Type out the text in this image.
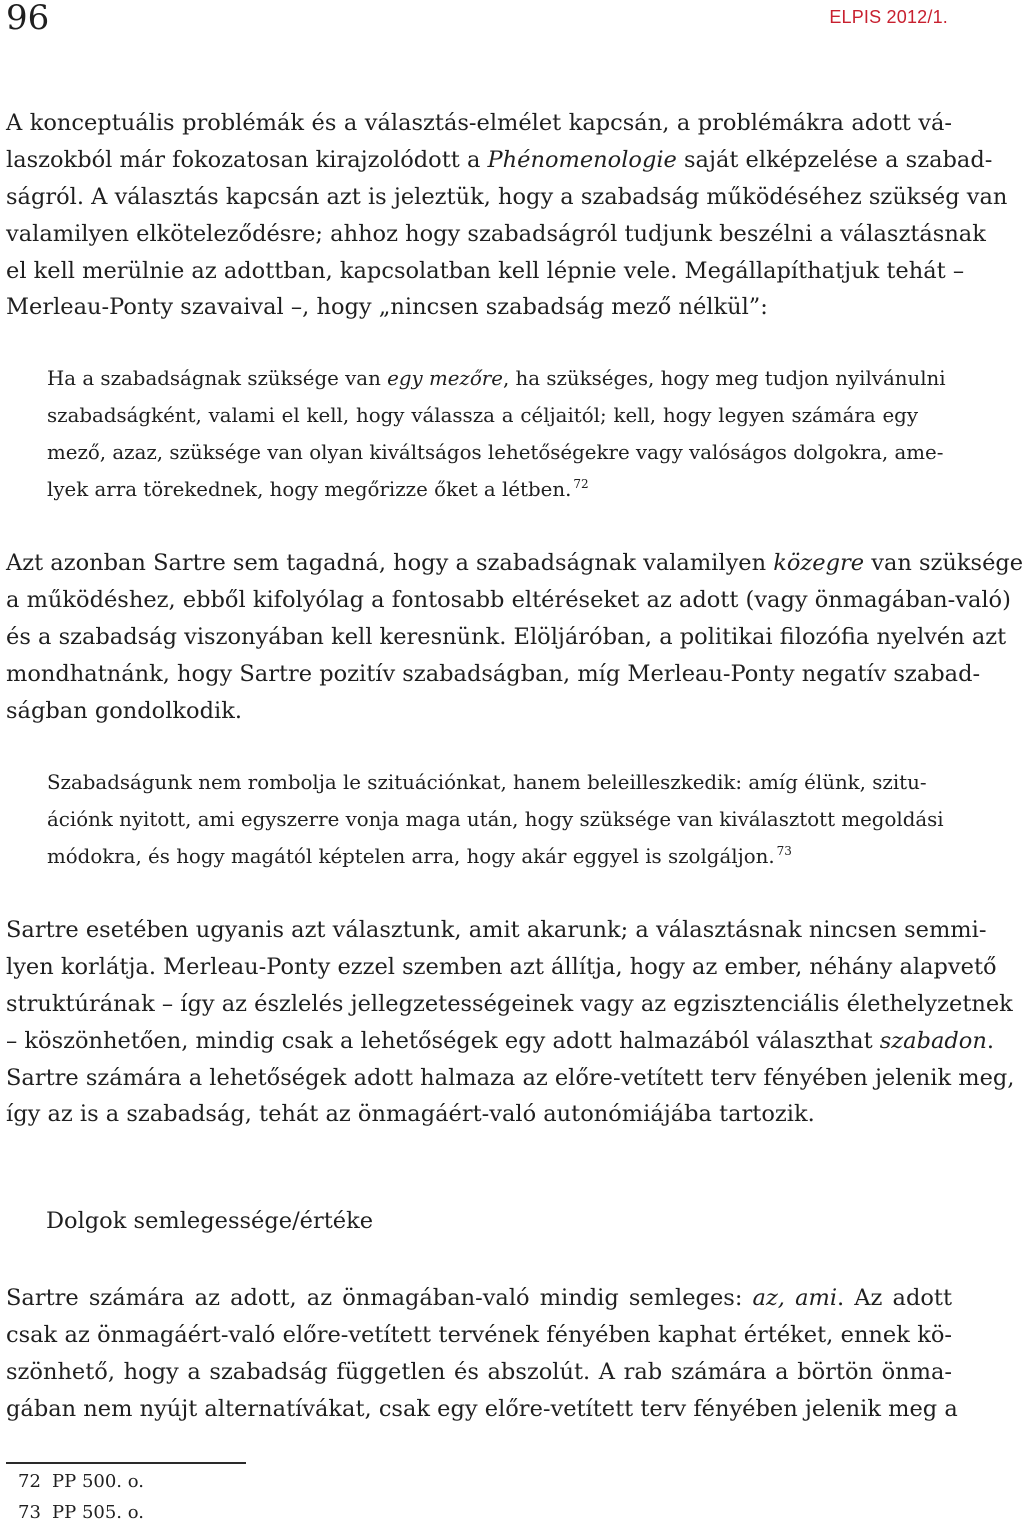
96	ELPIS 2012/1.
A konceptuális problémák és a választás-elmélet kapcsán, a problémákra adott vá-
laszokból már fokozatosan kirajzolódott a Phénomenologie saját elképzelése a szabad-
ságról. A választás kapcsán azt is jeleztük, hogy a szabadság működéséhez szükség van
valamilyen elköteleződésre; ahhoz hogy szabadságról tudjunk beszélni a választásnak
el kell merülnie az adottban, kapcsolatban kell lépnie vele. Megállapíthatjuk tehát –
Merleau-Ponty szavaival –, hogy „nincsen szabadság mező nélkül”:
Ha a szabadságnak szüksége van egy mezőre, ha szükséges, hogy meg tudjon nyilvánulni
szabadságként, valami el kell, hogy válassza a céljaitól; kell, hogy legyen számára egy
mező, azaz, szüksége van olyan kiváltságos lehetőségekre vagy valóságos dolgokra, ame-
lyek arra törekednek, hogy megőrizze őket a létben. $^{72}$
Azt azonban Sartre sem tagadná, hogy a szabadságnak valamilyen közegre van szüksége
a működéshez, ebből kifolyólag a fontosabb eltéréseket az adott (vagy önmagában-való)
és a szabadság viszonyában kell keresnünk. Elöljáróban, a politikai filozófia nyelvén azt
mondhatnánk, hogy Sartre pozitív szabadságban, míg Merleau-Ponty negatív szabad-
ságban gondolkodik.
Szabadságunk nem rombolja le szituációnkat, hanem beleilleszkedik: amíg élünk, szitu-
ációnk nyitott, ami egyszerre vonja maga után, hogy szüksége van kiválasztott megoldási
módokra, és hogy magától képtelen arra, hogy akár eggyel is szolgáljon. $^{73}$
Sartre esetében ugyanis azt választunk, amit akarunk; a választásnak nincsen semmi-
lyen korlátja. Merleau-Ponty ezzel szemben azt állítja, hogy az ember, néhány alapvető
struktúrának – így az észlelés jellegzetességeinek vagy az egzisztenciális élethelyzetnek
– köszönhetően, mindig csak a lehetőségek egy adott halmazából választhat szabadon.
Sartre számára a lehetőségek adott halmaza az előre-vetített terv fényében jelenik meg,
így az is a szabadság, tehát az önmagáért-való autonómiájába tartozik.
Dolgok semlegessége/értéke
Sartre számára az adott, az önmagában-való mindig semleges: az, ami. Az adott
csak az önmagáért-való előre-vetített tervének fényében kaphat értéket, ennek kö-
szönhető, hogy a szabadság független és abszolút. A rab számára a börtön önma-
gában nem nyújt alternatívákat, csak egy előre-vetített terv fényében jelenik meg a
72 PP 500. o.
73 PP 505. o.
